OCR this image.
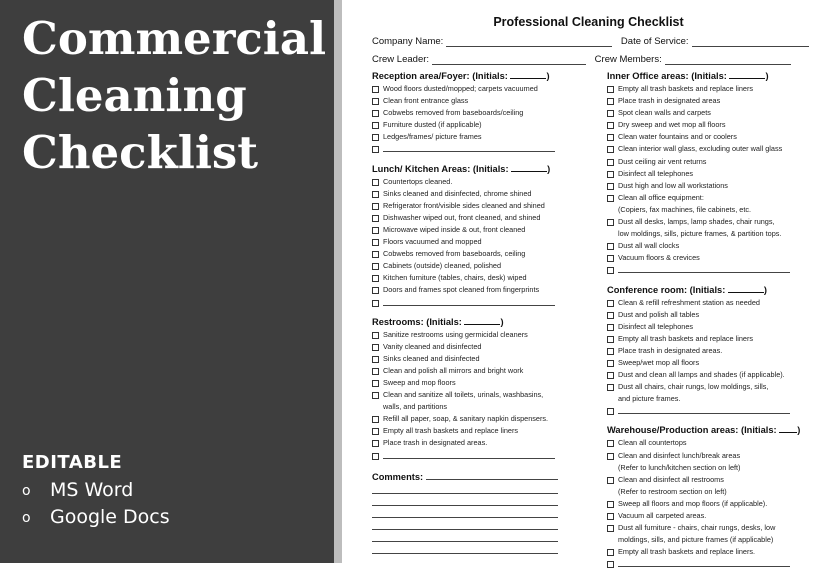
Commercial
Cleaning
Checklist
EDITABLE
o MS Word
o Google Docs
Professional Cleaning Checklist
Company Name:	Date of Service:
Crew Leader:	Crew Members:
Reception area/Foyer: (Initials:	)
Wood floors dusted/mopped; carpets vacuumed
Clean front entrance glass
Cobwebs removed from baseboards/ceiling
Furniture dusted (if applicable)
Ledges/frames/ picture frames
Lunch/ Kitchen Areas: (Initials:	)
Countertops cleaned.
Sinks cleaned and disinfected, chrome shined
Refrigerator front/visible sides cleaned and shined
Dishwasher wiped out, front cleaned, and shined
Microwave wiped inside & out, front cleaned
Floors vacuumed and mopped
Cobwebs removed from baseboards, ceiling
Cabinets (outside) cleaned, polished
Kitchen furniture (tables, chairs, desk) wiped
Doors and frames spot cleaned from fingerprints
Restrooms: (Initials:	)
Sanitize restrooms using germicidal cleaners
Vanity cleaned and disinfected
Sinks cleaned and disinfected
Clean and polish all mirrors and bright work
Sweep and mop floors
Clean and sanitize all toilets, urinals, washbasins,
walls, and partitions
Refill all paper, soap, & sanitary napkin dispensers.
Empty all trash baskets and replace liners
Place trash in designated areas.
Comments:
Inner Office areas: (Initials:	)
Empty all trash baskets and replace liners
Place trash in designated areas
Spot clean walls and carpets
Dry sweep and wet mop all floors
Clean water fountains and or coolers
Clean interior wall glass, excluding outer wall glass
Dust ceiling air vent returns
Disinfect all telephones
Dust high and low all workstations
Clean all office equipment:
(Copiers, fax machines, file cabinets, etc.
Dust all desks, lamps, lamp shades, chair rungs,
low moldings, sills, picture frames, & partition tops.
Dust all wall clocks
Vacuum floors & crevices
Conference room: (Initials:	)
Clean & refill refreshment station as needed
Dust and polish all tables
Disinfect all telephones
Empty all trash baskets and replace liners
Place trash in designated areas.
Sweep/wet mop all floors
Dust and clean all lamps and shades (if applicable).
Dust all chairs, chair rungs, low moldings, sills,
and picture frames.
Warehouse/Production areas: (Initials: )
Clean all countertops
Clean and disinfect lunch/break areas
(Refer to lunch/kitchen section on left)
Clean and disinfect all restrooms
(Refer to restroom section on left)
Sweep all floors and mop floors (if applicable).
Vacuum all carpeted areas.
Dust all furniture - chairs, chair rungs, desks, low
moldings, sills, and picture frames (if applicable)
Empty all trash baskets and replace liners.
